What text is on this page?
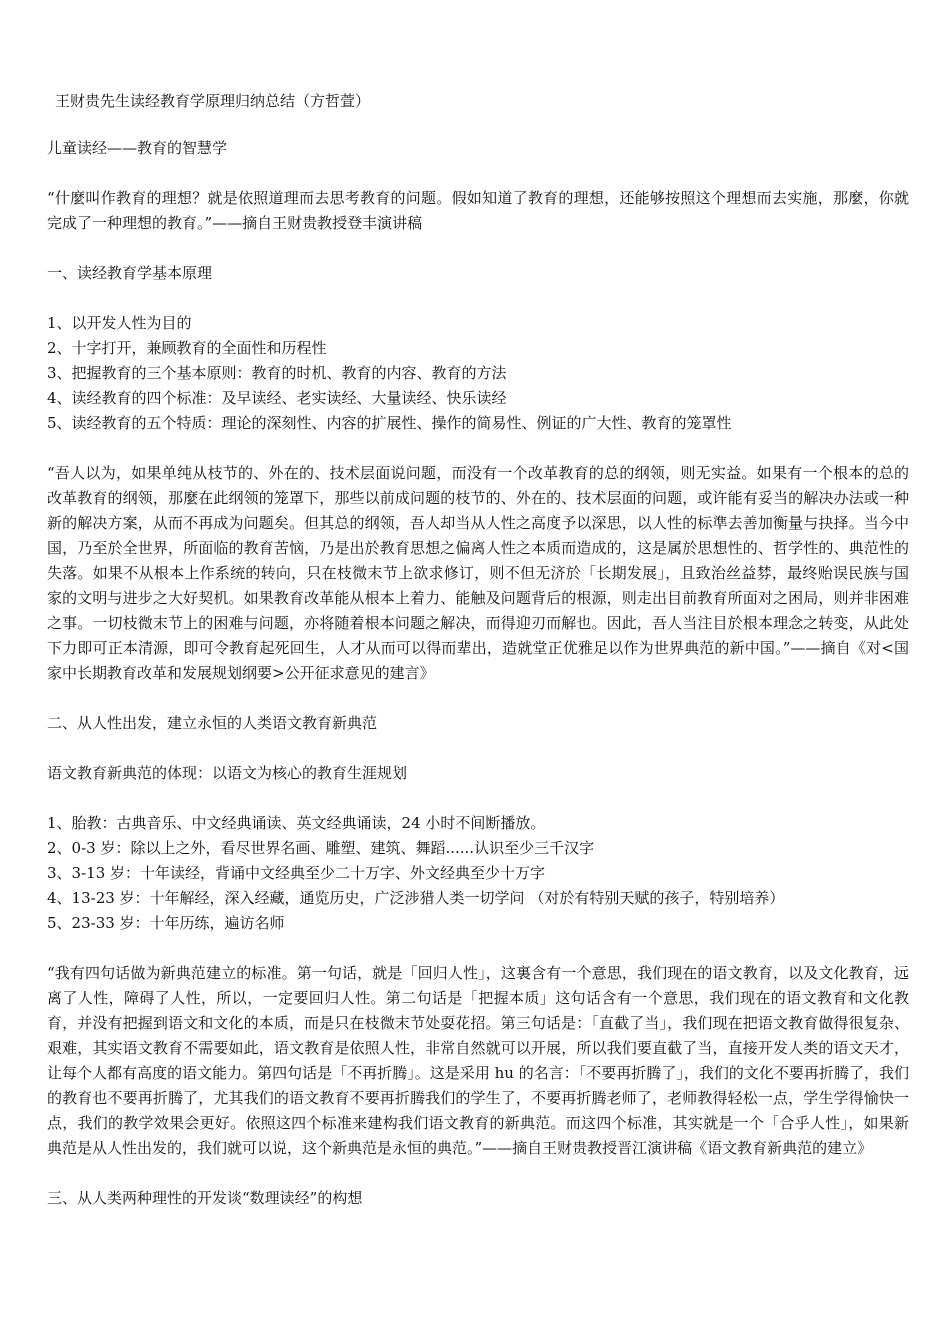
王财贵先生读经教育学原理归纳总结（方哲萱）

儿童读经——教育的智慧学

“什麼叫作教育的理想？就是依照道理而去思考教育的问题。假如知道了教育的理想，还能够按照这个理想而去实施，那麼，你就完成了一种理想的教育。”——摘自王财贵教授登丰演讲稿

一、读经教育学基本原理

1、以开发人性为目的
2、十字打开，兼顾教育的全面性和历程性
3、把握教育的三个基本原则：教育的时机、教育的内容、教育的方法
4、读经教育的四个标准：及早读经、老实读经、大量读经、快乐读经
5、读经教育的五个特质：理论的深刻性、内容的扩展性、操作的简易性、例证的广大性、教育的笼罩性

“吾人以为，如果单纯从枝节的、外在的、技术层面说问题，而没有一个改革教育的总的纲领，则无实益。如果有一个根本的总的改革教育的纲领，那麼在此纲领的笼罩下，那些以前成问题的枝节的、外在的、技术层面的问题，或许能有妥当的解决办法或一种新的解决方案，从而不再成为问题矣。但其总的纲领，吾人却当从人性之高度予以深思，以人性的标準去善加衡量与抉择。当今中国，乃至於全世界，所面临的教育苦恼，乃是出於教育思想之偏离人性之本质而造成的，这是属於思想性的、哲学性的、典范性的失落。如果不从根本上作系统的转向，只在枝微末节上欲求修订，则不但无济於「长期发展」，且致治丝益棼，最终贻误民族与国家的文明与进步之大好契机。如果教育改革能从根本上着力、能触及问题背后的根源，则走出目前教育所面对之困局，则并非困难之事。一切枝微末节上的困难与问题，亦将随着根本问题之解决，而得迎刃而解也。因此，吾人当注目於根本理念之转变，从此处下力即可正本清源，即可令教育起死回生，人才从而可以得而辈出，造就堂正优雅足以作为世界典范的新中国。”——摘自《对<国家中长期教育改革和发展规划纲要>公开征求意见的建言》

二、从人性出发，建立永恒的人类语文教育新典范

语文教育新典范的体现：以语文为核心的教育生涯规划

1、胎教：古典音乐、中文经典诵读、英文经典诵读，24 小时不间断播放。
2、0-3 岁：除以上之外，看尽世界名画、雕塑、建筑、舞蹈......认识至少三千汉字
3、3-13 岁：十年读经，背诵中文经典至少二十万字、外文经典至少十万字
4、13-23 岁：十年解经，深入经藏，通览历史，广泛涉猎人类一切学问 （对於有特别天赋的孩子，特别培养）
5、23-33 岁：十年历练，遍访名师

“我有四句话做为新典范建立的标准。第一句话，就是「回归人性」，这裏含有一个意思，我们现在的语文教育，以及文化教育，远离了人性，障碍了人性，所以，一定要回归人性。第二句话是「把握本质」这句话含有一个意思，我们现在的语文教育和文化教育，并没有把握到语文和文化的本质，而是只在枝微末节处耍花招。第三句话是：「直截了当」，我们现在把语文教育做得很复杂、艰难，其实语文教育不需要如此，语文教育是依照人性，非常自然就可以开展，所以我们要直截了当，直接开发人类的语文天才，让每个人都有高度的语文能力。第四句话是「不再折腾」。这是采用 hu 的名言：「不要再折腾了」，我们的文化不要再折腾了，我们的教育也不要再折腾了，尤其我们的语文教育不要再折腾我们的学生了，不要再折腾老师了，老师教得轻松一点，学生学得愉快一点，我们的教学效果会更好。依照这四个标准来建构我们语文教育的新典范。而这四个标准，其实就是一个「合乎人性」，如果新典范是从人性出发的，我们就可以说，这个新典范是永恒的典范。”——摘自王财贵教授晋江演讲稿《语文教育新典范的建立》

三、从人类两种理性的开发谈“数理读经”的构想
